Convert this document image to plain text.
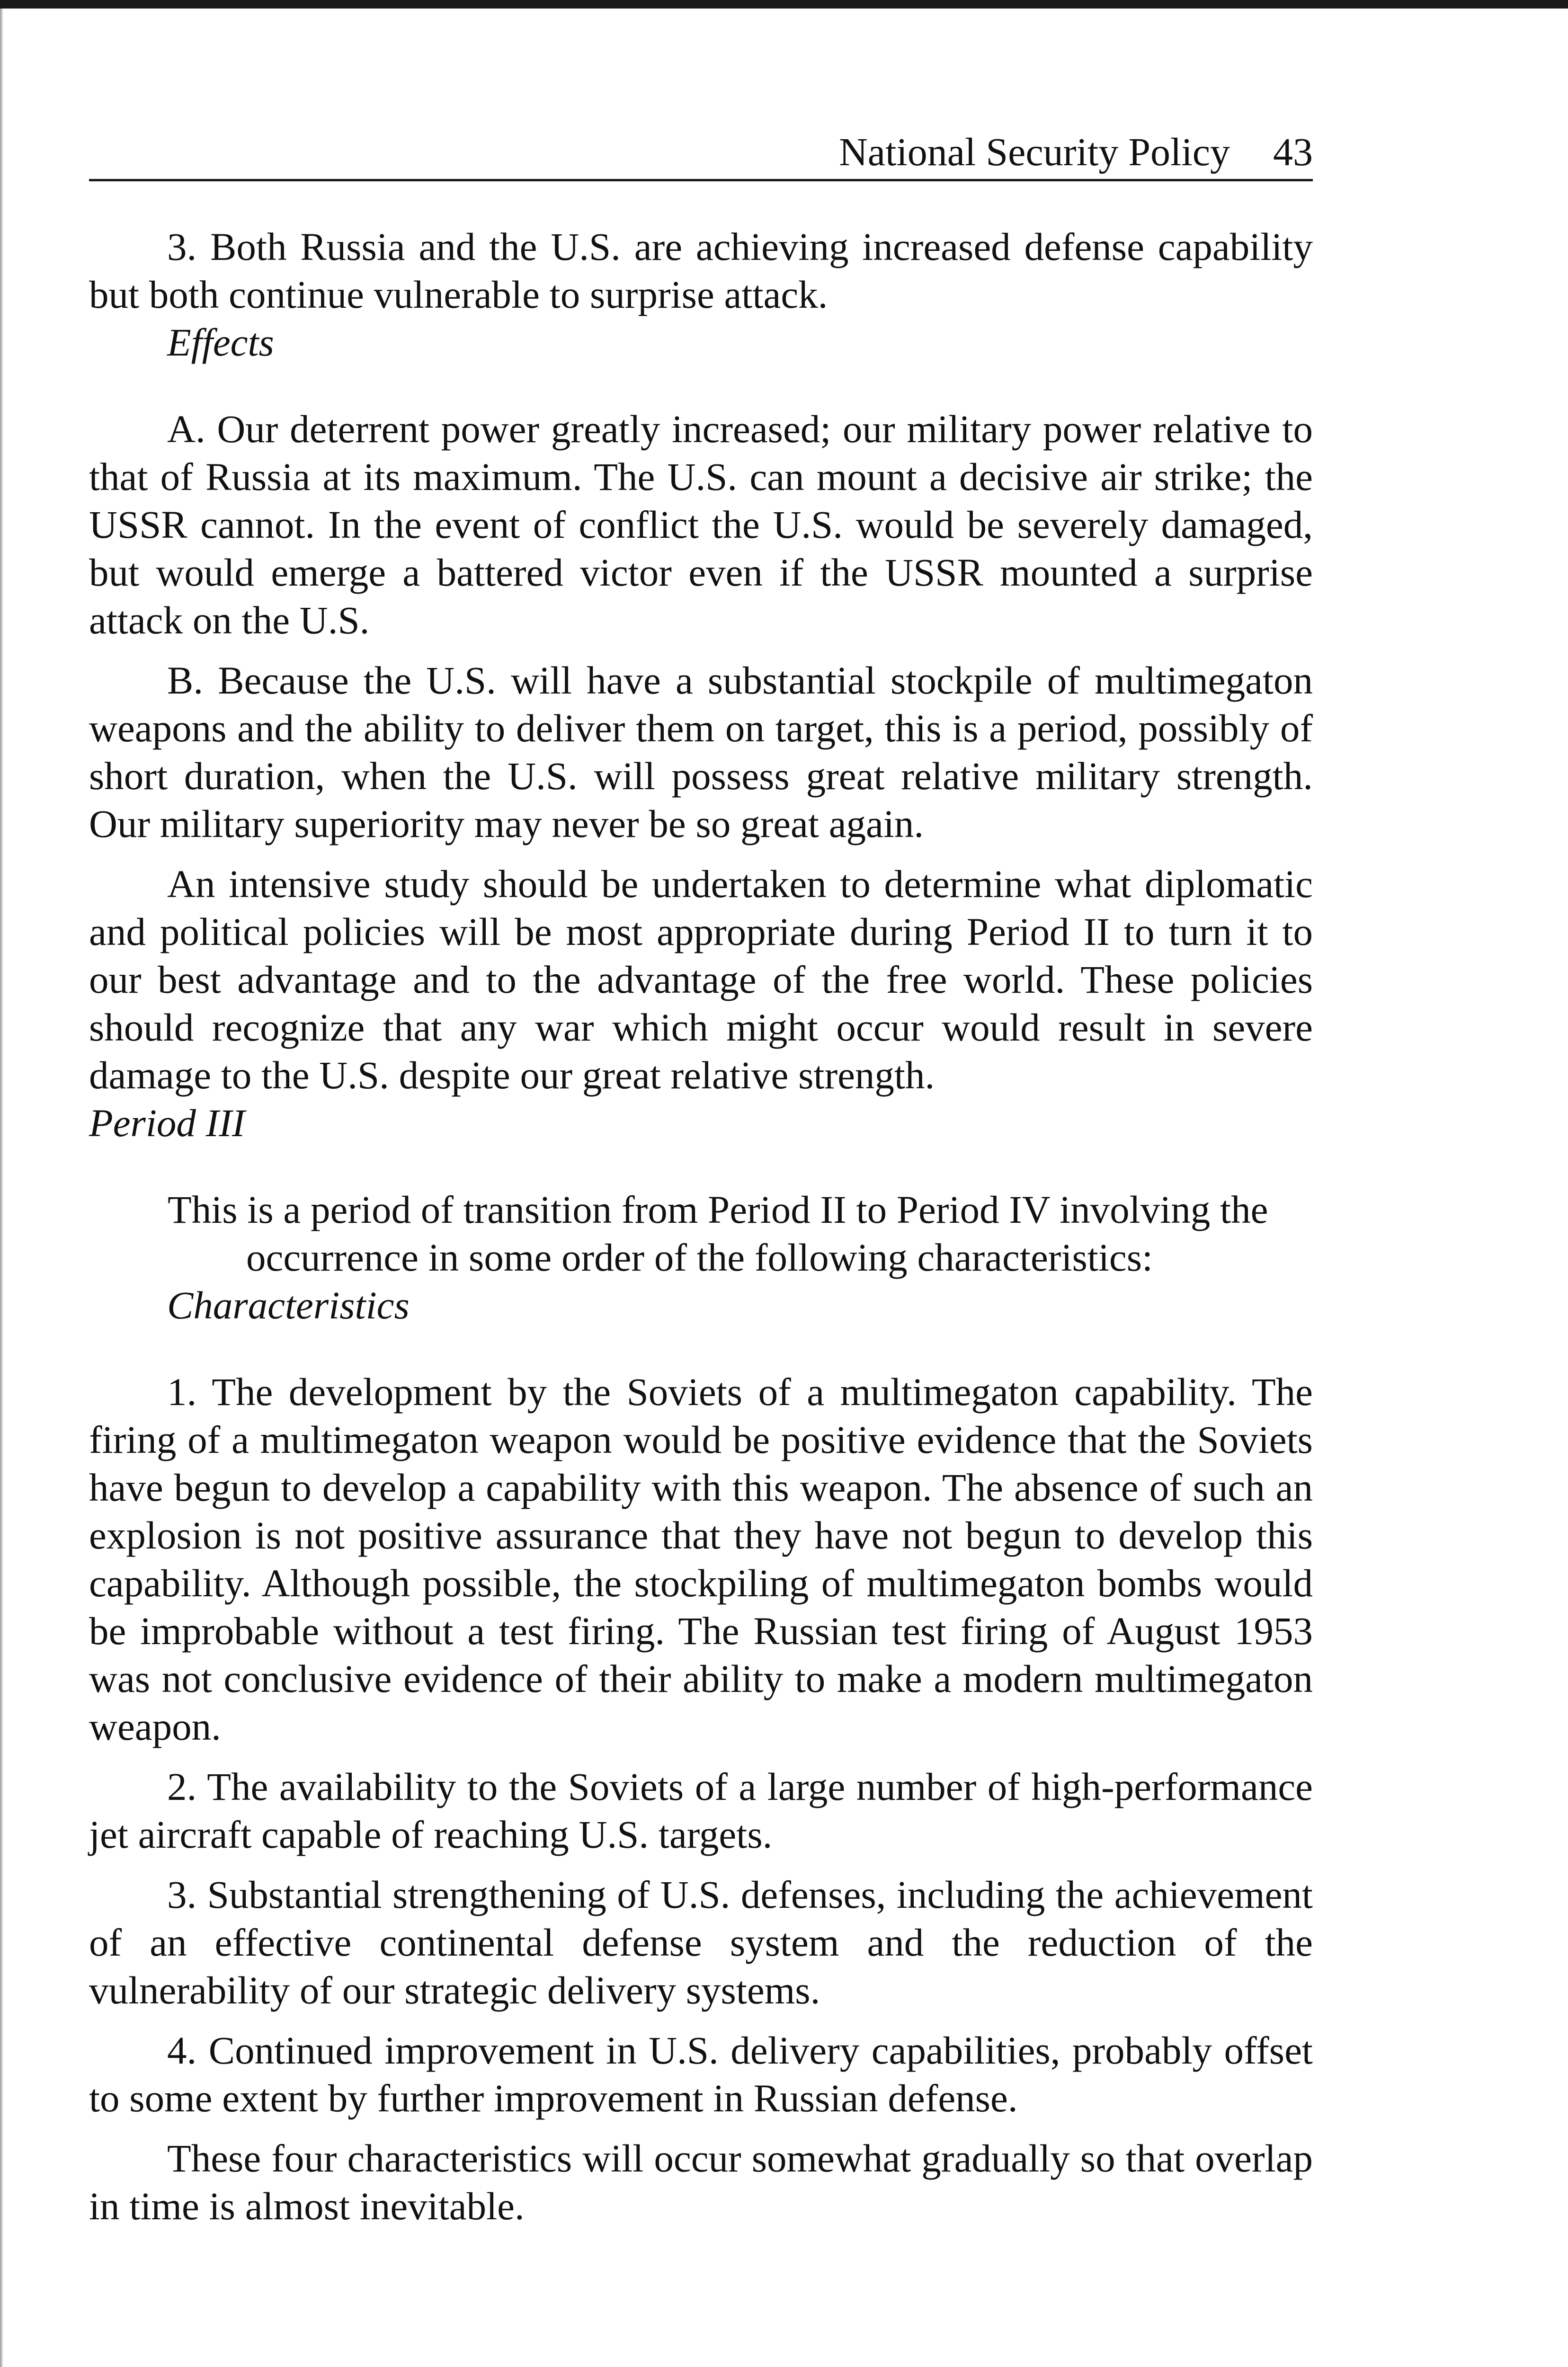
National Security Policy 43

3. Both Russia and the U.S. are achieving increased defense capability but both continue vulnerable to surprise attack.

Effects

A. Our deterrent power greatly increased; our military power relative to that of Russia at its maximum. The U.S. can mount a decisive air strike; the USSR cannot. In the event of conflict the U.S. would be severely damaged, but would emerge a battered victor even if the USSR mounted a surprise attack on the U.S.

B. Because the U.S. will have a substantial stockpile of multimegaton weapons and the ability to deliver them on target, this is a period, possibly of short duration, when the U.S. will possess great relative military strength. Our military superiority may never be so great again.

An intensive study should be undertaken to determine what diplomatic and political policies will be most appropriate during Period II to turn it to our best advantage and to the advantage of the free world. These policies should recognize that any war which might occur would result in severe damage to the U.S. despite our great relative strength.

Period III

This is a period of transition from Period II to Period IV involving the occurrence in some order of the following characteristics:

Characteristics

1. The development by the Soviets of a multimegaton capability. The firing of a multimegaton weapon would be positive evidence that the Soviets have begun to develop a capability with this weapon. The absence of such an explosion is not positive assurance that they have not begun to develop this capability. Although possible, the stockpiling of multimegaton bombs would be improbable without a test firing. The Russian test firing of August 1953 was not conclusive evidence of their ability to make a modern multimegaton weapon.

2. The availability to the Soviets of a large number of high-performance jet aircraft capable of reaching U.S. targets.

3. Substantial strengthening of U.S. defenses, including the achievement of an effective continental defense system and the reduction of the vulnerability of our strategic delivery systems.

4. Continued improvement in U.S. delivery capabilities, probably offset to some extent by further improvement in Russian defense.

These four characteristics will occur somewhat gradually so that overlap in time is almost inevitable.
